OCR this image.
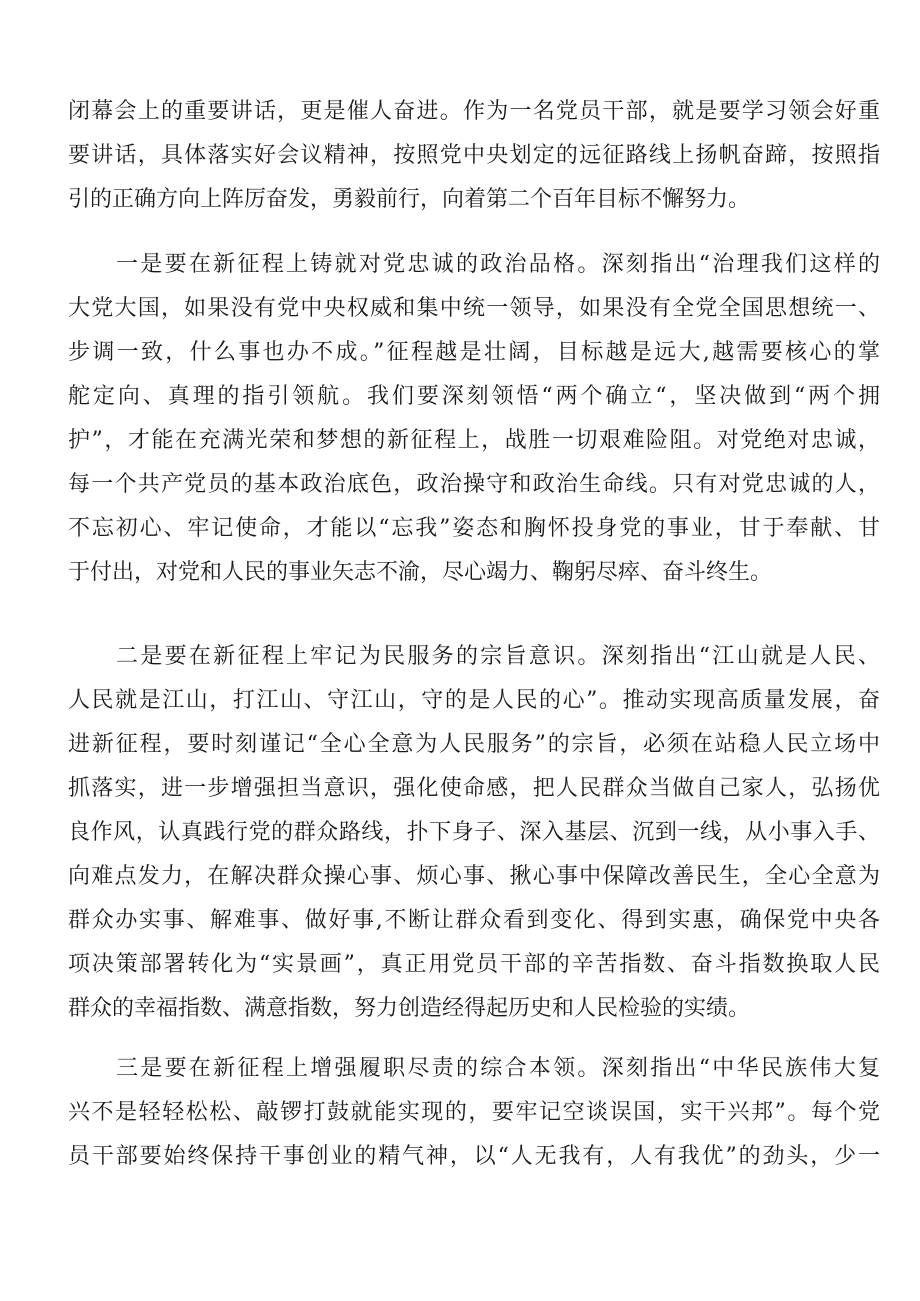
闭幕会上的重要讲话，更是催人奋进。作为一名党员干部，就是要学习领会好重
要讲话，具体落实好会议精神，按照党中央划定的远征路线上扬帆奋蹄，按照指
引的正确方向上阵厉奋发，勇毅前行，向着第二个百年目标不懈努力。
一是要在新征程上铸就对党忠诚的政治品格。深刻指出“治理我们这样的
大党大国，如果没有党中央权威和集中统一领导，如果没有全党全国思想统一、
步调一致，什么事也办不成。”征程越是壮阔，目标越是远大,越需要核心的掌
舵定向、真理的指引领航。我们要深刻领悟“两个确立“，坚决做到“两个拥
护”，才能在充满光荣和梦想的新征程上，战胜一切艰难险阻。对党绝对忠诚，
每一个共产党员的基本政治底色，政治操守和政治生命线。只有对党忠诚的人，
不忘初心、牢记使命，才能以“忘我”姿态和胸怀投身党的事业，甘于奉献、甘
于付出，对党和人民的事业矢志不渝，尽心竭力、鞠躬尽瘁、奋斗终生。
二是要在新征程上牢记为民服务的宗旨意识。深刻指出“江山就是人民、
人民就是江山，打江山、守江山，守的是人民的心”。推动实现高质量发展，奋
进新征程，要时刻谨记“全心全意为人民服务”的宗旨，必须在站稳人民立场中
抓落实，进一步增强担当意识，强化使命感，把人民群众当做自己家人，弘扬优
良作风，认真践行党的群众路线，扑下身子、深入基层、沉到一线，从小事入手、
向难点发力，在解决群众操心事、烦心事、揪心事中保障改善民生，全心全意为
群众办实事、解难事、做好事,不断让群众看到变化、得到实惠，确保党中央各
项决策部署转化为“实景画”，真正用党员干部的辛苦指数、奋斗指数换取人民
群众的幸福指数、满意指数，努力创造经得起历史和人民检验的实绩。
三是要在新征程上增强履职尽责的综合本领。深刻指出“中华民族伟大复
兴不是轻轻松松、敲锣打鼓就能实现的，要牢记空谈误国，实干兴邦”。每个党
员干部要始终保持干事创业的精气神，以“人无我有，人有我优”的劲头，少一
